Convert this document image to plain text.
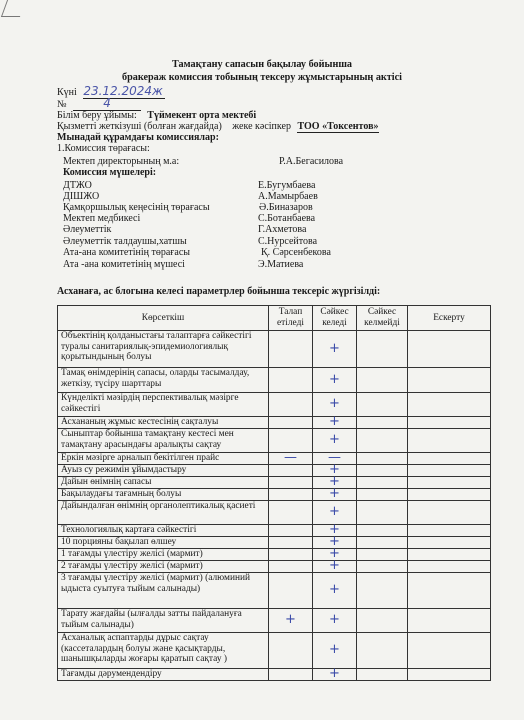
Тамақтану сапасын бақылау бойынша
бракераж комиссия тобының тексеру жұмыстарының актісі
Күні 23.12.2024ж
№	4
Білім беру ұйымы: Түймекент орта мектебі
Қызметті жеткізуші (болған жағдайда) жеке кәсіпкер ТОО «Токсентов»
Мынадай құрамдағы комиссиялар:
1.Комиссия төрағасы:
Мектеп директорының м.а:	Р.А.Бегасилова
Комиссия мүшелері:
ДТЖО	Е.Бугумбаева
ДІШЖО	А.Мамырбаев
Қамқоршылық кеңесінің төрағасы	Ә.Биназаров
Мектеп медбикесі	С.Ботанбаева
Әлеуметтік	Г.Ахметова
Әлеуметтік талдаушы,хатшы	С.Нурсейтова
Ата-ана комитетінің төрағасы	Қ. Сәрсенбекова
Ата -ана комитетінің мүшесі	Э.Матиева
Асханаға, ас блогына келесі параметрлер бойынша тексеріс жүргізілді:
Көрсеткіш	Талап етіледі	Сәйкес келеді	Сәйкес келмейді	Ескерту
Объектінің қолданыстағы талаптарға сәйкестігі туралы санитариялық-эпидемиологиялық қорытындының болуы		+		
Тамақ өнімдерінің сапасы, оларды тасымалдау, жеткізу, түсіру шарттары		+		
Күнделікті мәзірдің перспективалық мәзірге сәйкестігі		+		
Асхананың жұмыс кестесінің сақталуы		+		
Сыныптар бойынша тамақтану кестесі мен тамақтану арасындағы аралықты сақтау		+		
Еркін мәзірге арналып бекітілген прайс	—	—		
Ауыз су режимін ұйымдастыру		+		
Дайын өнімнің сапасы		+		
Бақылаудағы тағамның болуы		+		
Дайындалған өнімнің органолептикалық қасиеті		+		
Технологиялық картаға сәйкестігі		+		
10 порцияны бақылап өлшеу		+		
1 тағамды үлестіру желісі (мармит)		+		
2 тағамды үлестіру желісі (мармит)		+		
3 тағамды үлестіру желісі (мармит) (алюминий ыдыста суытуға тыйым салынады)		+		
Тарату жағдайы (ылғалды затты пайдалануға тыйым салынады)	+	+		
Асханалық аспаптарды дұрыс сақтау (кассеталардың болуы және қасықтарды, шанышқыларды жоғары қаратып сақтау )		+		
Тағамды дәрумендендіру		+		
